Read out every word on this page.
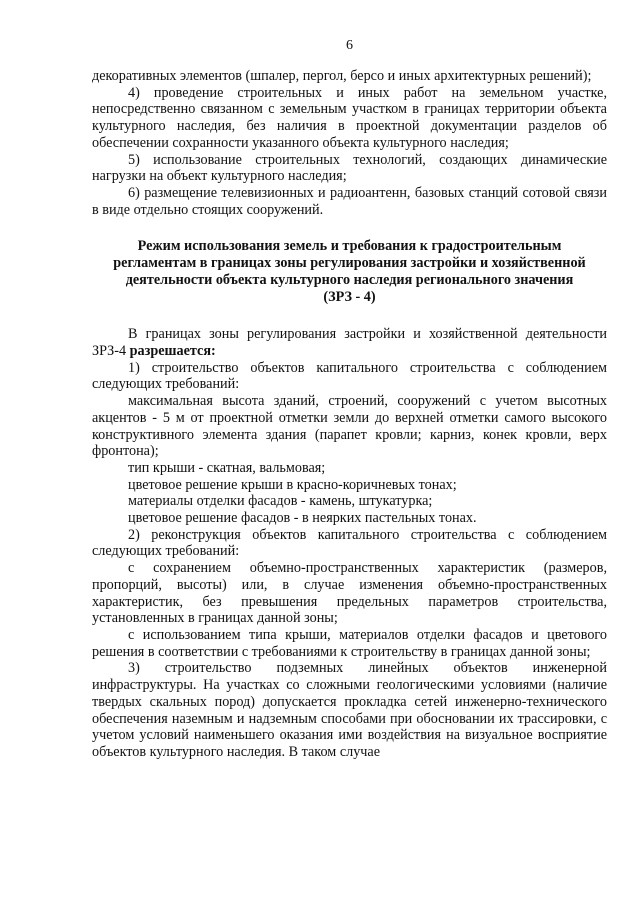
6

декоративных элементов (шпалер, пергол, берсо и иных архитектурных решений);

4) проведение строительных и иных работ на земельном участке, непосредственно связанном с земельным участком в границах территории объекта культурного наследия, без наличия в проектной документации разделов об обеспечении сохранности указанного объекта культурного наследия;

5) использование строительных технологий, создающих динамические нагрузки на объект культурного наследия;

6) размещение телевизионных и радиоантенн, базовых станций сотовой связи в виде отдельно стоящих сооружений.

Режим использования земель и требования к градостроительным
регламентам в границах зоны регулирования застройки и хозяйственной
деятельности объекта культурного наследия регионального значения
(ЗРЗ - 4)

В границах зоны регулирования застройки и хозяйственной деятельности ЗРЗ-4 разрешается:

1) строительство объектов капитального строительства с соблюдением следующих требований:

максимальная высота зданий, строений, сооружений с учетом высотных акцентов - 5 м от проектной отметки земли до верхней отметки самого высокого конструктивного элемента здания (парапет кровли; карниз, конек кровли, верх фронтона);

тип крыши - скатная, вальмовая;

цветовое решение крыши в красно-коричневых тонах;

материалы отделки фасадов - камень, штукатурка;

цветовое решение фасадов - в неярких пастельных тонах.

2) реконструкция объектов капитального строительства с соблюдением следующих требований:

с сохранением объемно-пространственных характеристик (размеров, пропорций, высоты) или, в случае изменения объемно-пространственных характеристик, без превышения предельных параметров строительства, установленных в границах данной зоны;

с использованием типа крыши, материалов отделки фасадов и цветового решения в соответствии с требованиями к строительству в границах данной зоны;

3) строительство подземных линейных объектов инженерной инфраструктуры. На участках со сложными геологическими условиями (наличие твердых скальных пород) допускается прокладка сетей инженерно-технического обеспечения наземным и надземным способами при обосновании их трассировки, с учетом условий наименьшего оказания ими воздействия на визуальное восприятие объектов культурного наследия. В таком случае
